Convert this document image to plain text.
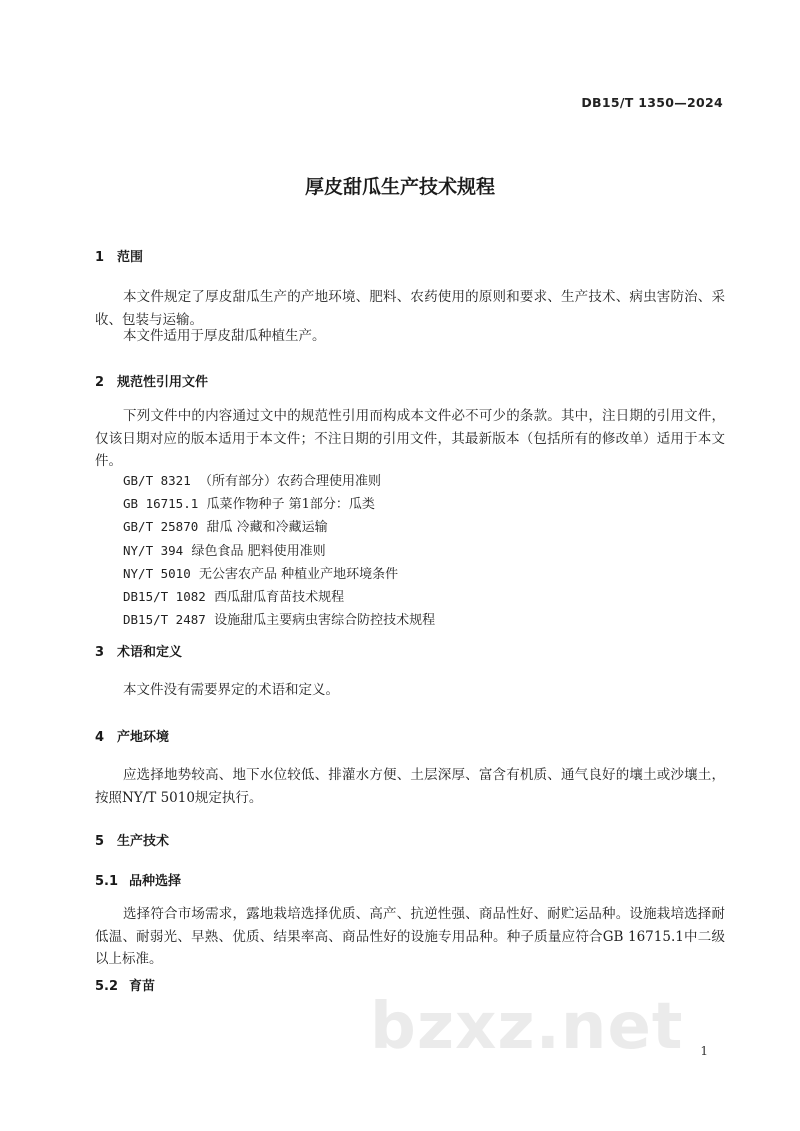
DB15/T 1350—2024
厚皮甜瓜生产技术规程
1 范围

本文件规定了厚皮甜瓜生产的产地环境、肥料、农药使用的原则和要求、生产技术、病虫害防治、采收、包装与运输。

本文件适用于厚皮甜瓜种植生产。

2 规范性引用文件

下列文件中的内容通过文中的规范性引用而构成本文件必不可少的条款。其中，注日期的引用文件，仅该日期对应的版本适用于本文件；不注日期的引用文件，其最新版本（包括所有的修改单）适用于本文件。

GB/T 8321 （所有部分）农药合理使用准则
GB 16715.1 瓜菜作物种子 第1部分：瓜类
GB/T 25870 甜瓜 冷藏和冷藏运输
NY/T 394 绿色食品 肥料使用准则
NY/T 5010 无公害农产品 种植业产地环境条件
DB15/T 1082 西瓜甜瓜育苗技术规程
DB15/T 2487 设施甜瓜主要病虫害综合防控技术规程
3 术语和定义

本文件没有需要界定的术语和定义。

4 产地环境

应选择地势较高、地下水位较低、排灌水方便、土层深厚、富含有机质、通气良好的壤土或沙壤土，按照NY/T 5010规定执行。

5 生产技术
5.1 品种选择

选择符合市场需求，露地栽培选择优质、高产、抗逆性强、商品性好、耐贮运品种。设施栽培选择耐低温、耐弱光、早熟、优质、结果率高、商品性好的设施专用品种。种子质量应符合GB 16715.1中二级以上标准。

5.2 育苗
bzxz.net 1
